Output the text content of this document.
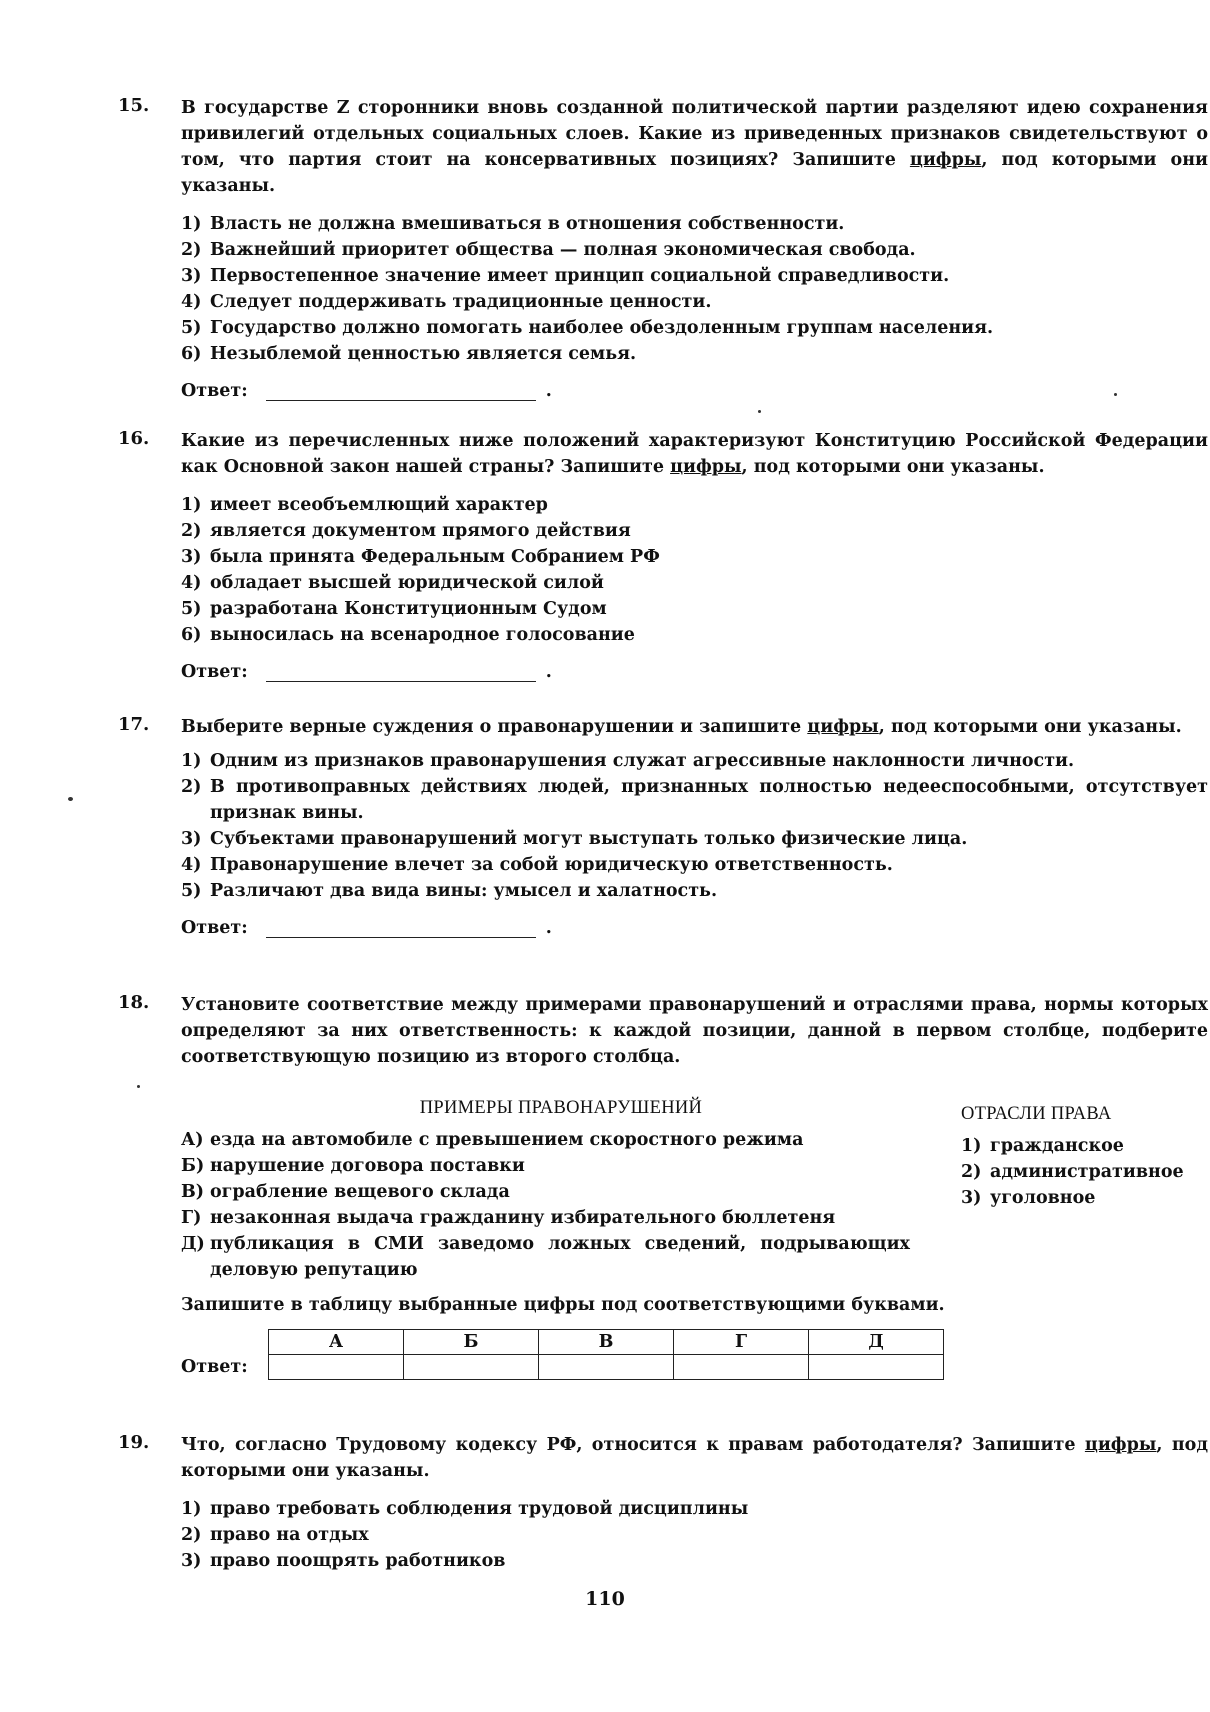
15.	В государстве Z сторонники вновь созданной политической партии разделяют идею сохранения привилегий отдельных социальных слоев. Какие из приведенных признаков свидетельствуют о том, что партия стоит на консервативных позициях? Запишите цифры, под которыми они указаны.
1) Власть не должна вмешиваться в отношения собственности.
2) Важнейший приоритет общества — полная экономическая свобода.
3) Первостепенное значение имеет принцип социальной справедливости.
4) Следует поддерживать традиционные ценности.
5) Государство должно помогать наиболее обездоленным группам населения.
6) Незыблемой ценностью является семья.
Ответ:	.
16.	Какие из перечисленных ниже положений характеризуют Конституцию Российской Федерации как Основной закон нашей страны? Запишите цифры, под которыми они указаны.
1) имеет всеобъемлющий характер
2) является документом прямого действия
3) была принята Федеральным Собранием РФ
4) обладает высшей юридической силой
5) разработана Конституционным Судом
6) выносилась на всенародное голосование
Ответ:	.
17.	Выберите верные суждения о правонарушении и запишите цифры, под которыми они указаны.
1) Одним из признаков правонарушения служат агрессивные наклонности личности.
2) В противоправных действиях людей, признанных полностью недееспособными, отсутствует признак вины.
3) Субъектами правонарушений могут выступать только физические лица.
4) Правонарушение влечет за собой юридическую ответственность.
5) Различают два вида вины: умысел и халатность.
Ответ:	.
18.	Установите соответствие между примерами правонарушений и отраслями права, нормы которых определяют за них ответственность: к каждой позиции, данной в первом столбце, подберите соответствующую позицию из второго столбца.
ПРИМЕРЫ ПРАВОНАРУШЕНИЙ
А) езда на автомобиле с превышением скоростного режима
Б) нарушение договора поставки
В) ограбление вещевого склада
Г) незаконная выдача гражданину избирательного бюллетеня
Д) публикация в СМИ заведомо ложных сведений, подрывающих деловую репутацию
ОТРАСЛИ ПРАВА
1) гражданское
2) административное
3) уголовное
Запишите в таблицу выбранные цифры под соответствующими буквами.
Ответ:
А	Б	В	Г	Д

19.	Что, согласно Трудовому кодексу РФ, относится к правам работодателя? Запишите цифры, под которыми они указаны.
1) право требовать соблюдения трудовой дисциплины
2) право на отдых
3) право поощрять работников
110
